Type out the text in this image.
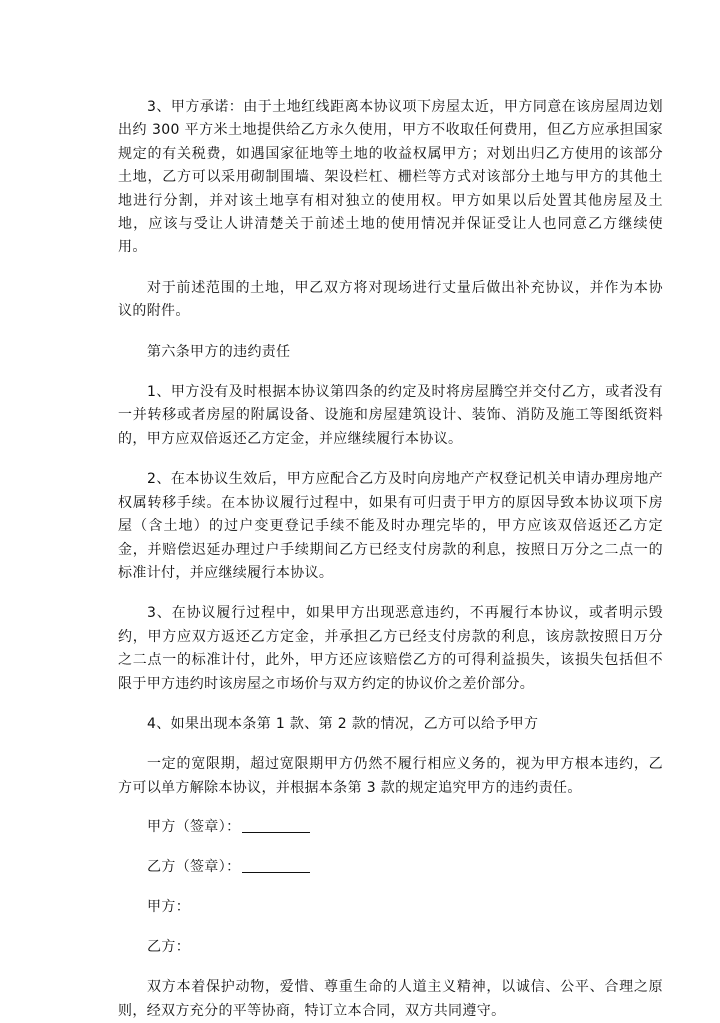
3、甲方承诺：由于土地红线距离本协议项下房屋太近，甲方同意在该房屋周边划出约 300 平方米土地提供给乙方永久使用，甲方不收取任何费用，但乙方应承担国家规定的有关税费，如遇国家征地等土地的收益权属甲方；对划出归乙方使用的该部分土地，乙方可以采用砌制围墙、架设栏杠、栅栏等方式对该部分土地与甲方的其他土地进行分割，并对该土地享有相对独立的使用权。甲方如果以后处置其他房屋及土地，应该与受让人讲清楚关于前述土地的使用情况并保证受让人也同意乙方继续使用。

对于前述范围的土地，甲乙双方将对现场进行丈量后做出补充协议，并作为本协议的附件。

第六条甲方的违约责任

1、甲方没有及时根据本协议第四条的约定及时将房屋腾空并交付乙方，或者没有一并转移或者房屋的附属设备、设施和房屋建筑设计、装饰、消防及施工等图纸资料的，甲方应双倍返还乙方定金，并应继续履行本协议。

2、在本协议生效后，甲方应配合乙方及时向房地产产权登记机关申请办理房地产权属转移手续。在本协议履行过程中，如果有可归责于甲方的原因导致本协议项下房屋（含土地）的过户变更登记手续不能及时办理完毕的，甲方应该双倍返还乙方定金，并赔偿迟延办理过户手续期间乙方已经支付房款的利息，按照日万分之二点一的标准计付，并应继续履行本协议。

3、在协议履行过程中，如果甲方出现恶意违约，不再履行本协议，或者明示毁约，甲方应双方返还乙方定金，并承担乙方已经支付房款的利息，该房款按照日万分之二点一的标准计付，此外，甲方还应该赔偿乙方的可得利益损失，该损失包括但不限于甲方违约时该房屋之市场价与双方约定的协议价之差价部分。

4、如果出现本条第 1 款、第 2 款的情况，乙方可以给予甲方

一定的宽限期，超过宽限期甲方仍然不履行相应义务的，视为甲方根本违约，乙方可以单方解除本协议，并根据本条第 3 款的规定追究甲方的违约责任。

甲方（签章）：

乙方（签章）：

甲方：

乙方：

双方本着保护动物，爱惜、尊重生命的人道主义精神，以诚信、公平、合理之原则，经双方充分的平等协商，特订立本合同，双方共同遵守。
